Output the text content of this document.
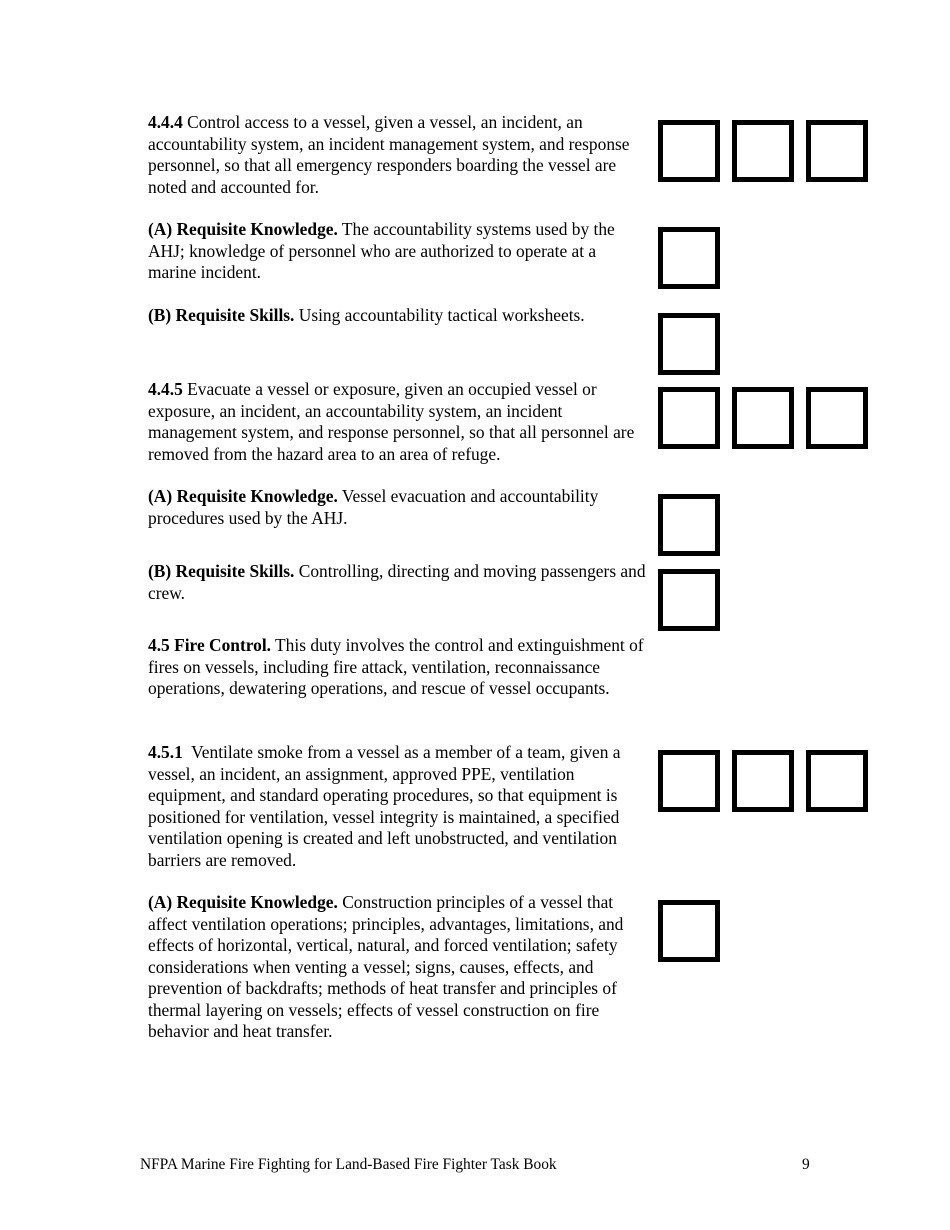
4.4.4 Control access to a vessel, given a vessel, an incident, an accountability system, an incident management system, and response personnel, so that all emergency responders boarding the vessel are noted and accounted for.
(A) Requisite Knowledge. The accountability systems used by the AHJ; knowledge of personnel who are authorized to operate at a marine incident.
(B) Requisite Skills. Using accountability tactical worksheets.
4.4.5 Evacuate a vessel or exposure, given an occupied vessel or exposure, an incident, an accountability system, an incident management system, and response personnel, so that all personnel are removed from the hazard area to an area of refuge.
(A) Requisite Knowledge. Vessel evacuation and accountability procedures used by the AHJ.
(B) Requisite Skills. Controlling, directing and moving passengers and crew.
4.5 Fire Control. This duty involves the control and extinguishment of fires on vessels, including fire attack, ventilation, reconnaissance operations, dewatering operations, and rescue of vessel occupants.
4.5.1  Ventilate smoke from a vessel as a member of a team, given a vessel, an incident, an assignment, approved PPE, ventilation equipment, and standard operating procedures, so that equipment is positioned for ventilation, vessel integrity is maintained, a specified ventilation opening is created and left unobstructed, and ventilation barriers are removed.
(A) Requisite Knowledge. Construction principles of a vessel that affect ventilation operations; principles, advantages, limitations, and effects of horizontal, vertical, natural, and forced ventilation; safety considerations when venting a vessel; signs, causes, effects, and prevention of backdrafts; methods of heat transfer and principles of thermal layering on vessels; effects of vessel construction on fire behavior and heat transfer.
NFPA Marine Fire Fighting for Land-Based Fire Fighter Task Book	9
